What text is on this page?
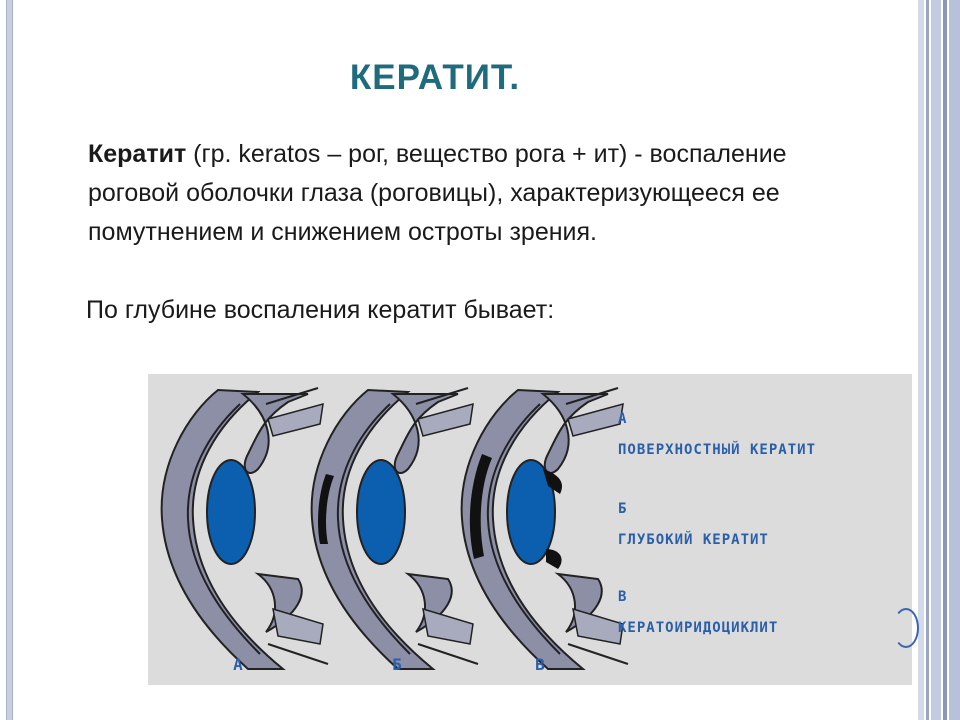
КЕРАТИТ.
Кератит (гр. keratos – рог, вещество рога + ит) - воспаление роговой оболочки глаза (роговицы), характеризующееся ее помутнением и снижением остроты зрения.
По глубине воспаления кератит бывает:
А
ПОВЕРХНОСТНЫЙ КЕРАТИТ
Б
ГЛУБОКИЙ КЕРАТИТ
В
КЕРАТОИРИДОЦИКЛИТ
А	Б	В
